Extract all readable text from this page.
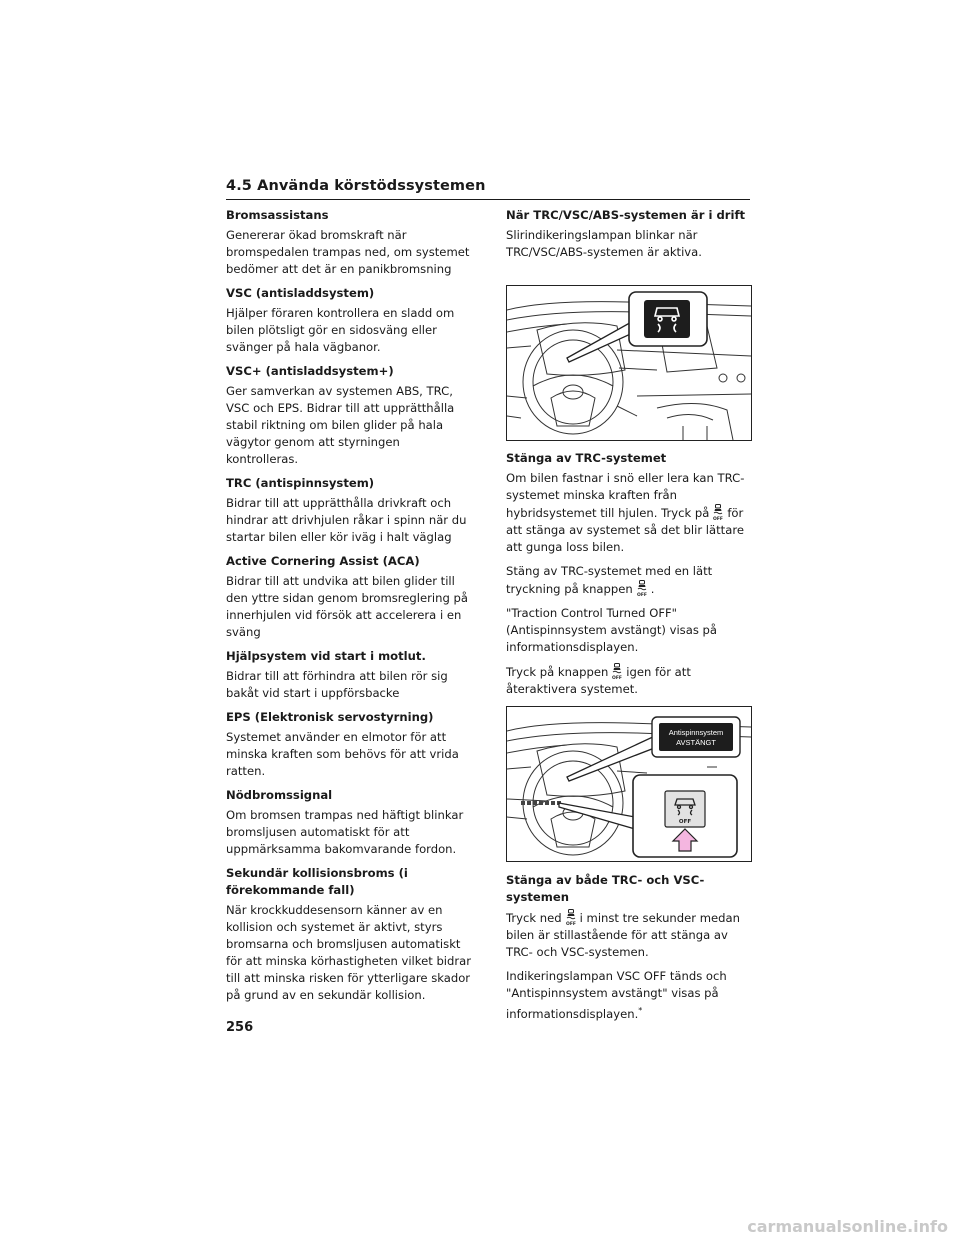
4.5 Använda körstödssystemen
Bromsassistans
Genererar ökad bromskraft när bromspedalen trampas ned, om systemet bedömer att det är en panikbromsning
VSC (antisladdsystem)
Hjälper föraren kontrollera en sladd om bilen plötsligt gör en sidosväng eller svänger på hala vägbanor.
VSC+ (antisladdsystem+)
Ger samverkan av systemen ABS, TRC, VSC och EPS. Bidrar till att upprätthålla stabil riktning om bilen glider på hala vägytor genom att styrningen kontrolleras.
TRC (antispinnsystem)
Bidrar till att upprätthålla drivkraft och hindrar att drivhjulen råkar i spinn när du startar bilen eller kör iväg i halt väglag
Active Cornering Assist (ACA)
Bidrar till att undvika att bilen glider till den yttre sidan genom bromsreglering på innerhjulen vid försök att accelerera i en sväng
Hjälpsystem vid start i motlut.
Bidrar till att förhindra att bilen rör sig bakåt vid start i uppförsbacke
EPS (Elektronisk servostyrning)
Systemet använder en elmotor för att minska kraften som behövs för att vrida ratten.
Nödbromssignal
Om bromsen trampas ned häftigt blinkar bromsljusen automatiskt för att uppmärksamma bakomvarande fordon.
Sekundär kollisionsbroms (i förekommande fall)
När krockkuddesensorn känner av en kollision och systemet är aktivt, styrs bromsarna och bromsljusen automatiskt för att minska körhastigheten vilket bidrar till att minska risken för ytterligare skador på grund av en sekundär kollision.
När TRC/VSC/ABS-systemen är i drift
Slirindikeringslampan blinkar när TRC/VSC/ABS-systemen är aktiva.
Stänga av TRC-systemet
Om bilen fastnar i snö eller lera kan TRC-systemet minska kraften från hybridsystemet till hjulen. Tryck på OFF för att stänga av systemet så det blir lättare att gunga loss bilen.
Stäng av TRC-systemet med en lätt tryckning på knappen OFF .
"Traction Control Turned OFF" (Antispinnsystem avstängt) visas på informationsdisplayen.
Tryck på knappen OFF igen för att återaktivera systemet.
Stänga av både TRC- och VSC-systemen
Tryck ned OFF i minst tre sekunder medan bilen är stillastående för att stänga av TRC- och VSC-systemen.
Indikeringslampan VSC OFF tänds och "Antispinnsystem avstängt" visas på informationsdisplayen.*
Antispinnsystem
AVSTÄNGT
OFF
256
carmanualsonline.info
